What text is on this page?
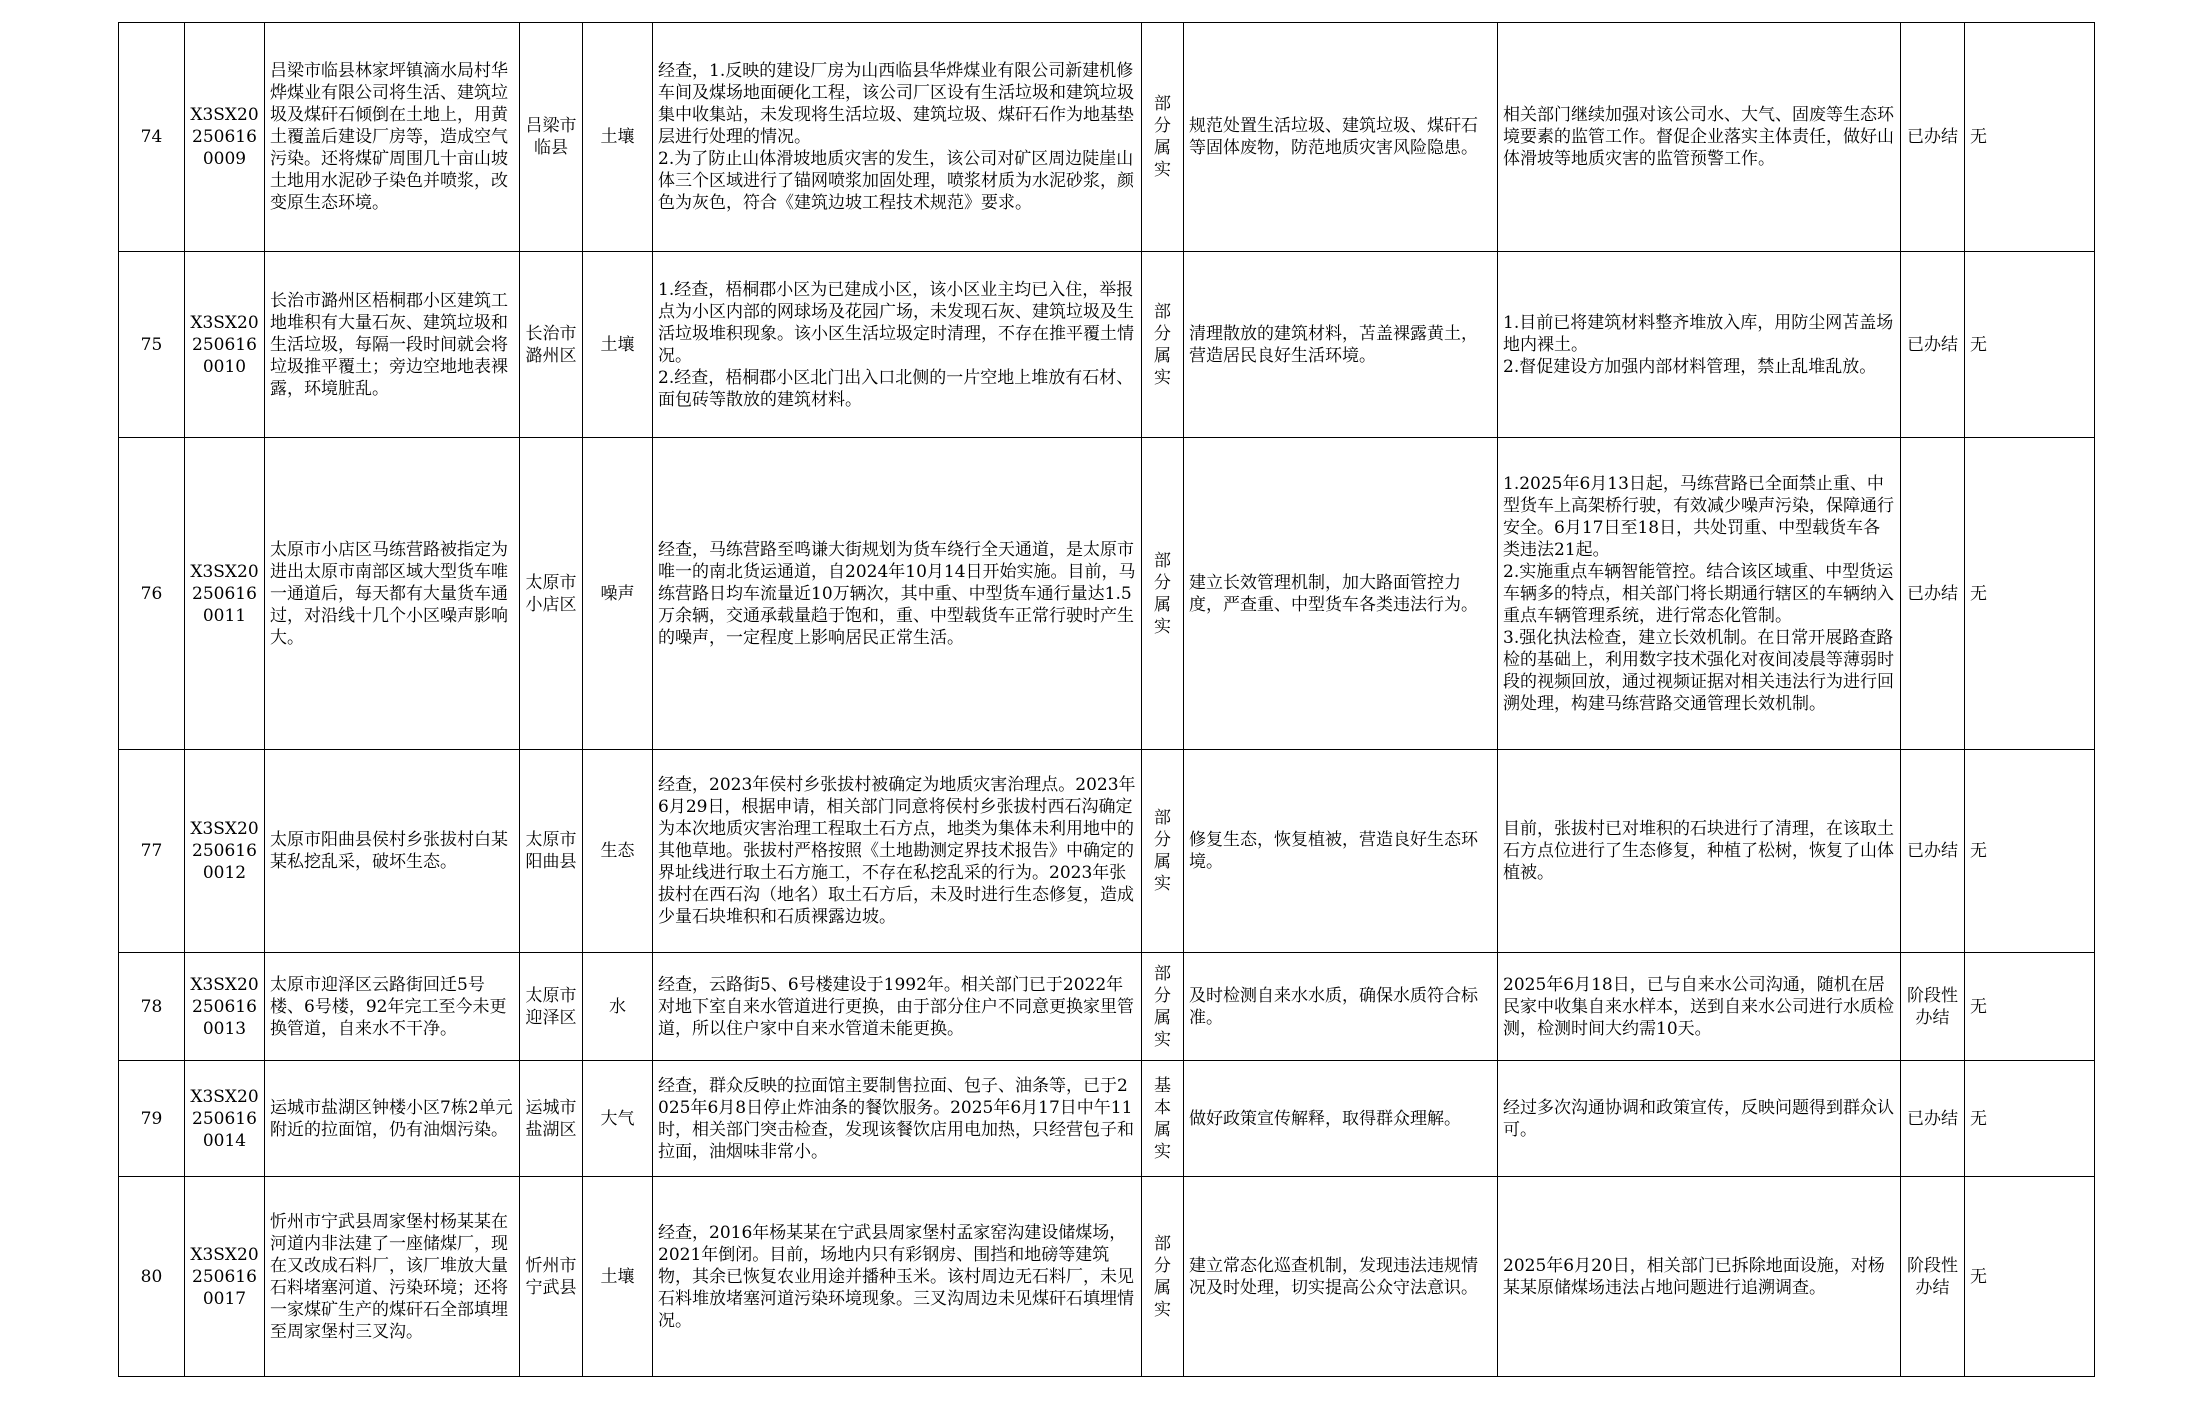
74	X3SX202506160009	吕梁市临县林家坪镇滴水局村华烨煤业有限公司将生活、建筑垃圾及煤矸石倾倒在土地上，用黄土覆盖后建设厂房等，造成空气污染。还将煤矿周围几十亩山坡土地用水泥砂子染色并喷浆，改变原生态环境。	吕梁市临县	土壤	经查，1.反映的建设厂房为山西临县华烨煤业有限公司新建机修车间及煤场地面硬化工程，该公司厂区设有生活垃圾和建筑垃圾集中收集站，未发现将生活垃圾、建筑垃圾、煤矸石作为地基垫层进行处理的情况。
2.为了防止山体滑坡地质灾害的发生，该公司对矿区周边陡崖山体三个区域进行了锚网喷浆加固处理，喷浆材质为水泥砂浆，颜色为灰色，符合《建筑边坡工程技术规范》要求。	部分属实	规范处置生活垃圾、建筑垃圾、煤矸石等固体废物，防范地质灾害风险隐患。	相关部门继续加强对该公司水、大气、固废等生态环境要素的监管工作。督促企业落实主体责任，做好山体滑坡等地质灾害的监管预警工作。	已办结	无
75	X3SX202506160010	长治市潞州区梧桐郡小区建筑工地堆积有大量石灰、建筑垃圾和生活垃圾，每隔一段时间就会将垃圾推平覆土；旁边空地地表裸露，环境脏乱。	长治市潞州区	土壤	1.经查，梧桐郡小区为已建成小区，该小区业主均已入住，举报点为小区内部的网球场及花园广场，未发现石灰、建筑垃圾及生活垃圾堆积现象。该小区生活垃圾定时清理，不存在推平覆土情况。
2.经查，梧桐郡小区北门出入口北侧的一片空地上堆放有石材、面包砖等散放的建筑材料。	部分属实	清理散放的建筑材料，苫盖裸露黄土，营造居民良好生活环境。	1.目前已将建筑材料整齐堆放入库，用防尘网苫盖场地内裸土。
2.督促建设方加强内部材料管理，禁止乱堆乱放。	已办结	无
76	X3SX202506160011	太原市小店区马练营路被指定为进出太原市南部区域大型货车唯一通道后，每天都有大量货车通过，对沿线十几个小区噪声影响大。	太原市小店区	噪声	经查，马练营路至鸣谦大街规划为货车绕行全天通道，是太原市唯一的南北货运通道，自2024年10月14日开始实施。目前，马练营路日均车流量近10万辆次，其中重、中型货车通行量达1.5万余辆，交通承载量趋于饱和，重、中型载货车正常行驶时产生的噪声，一定程度上影响居民正常生活。	部分属实	建立长效管理机制，加大路面管控力度，严查重、中型货车各类违法行为。	1.2025年6月13日起，马练营路已全面禁止重、中型货车上高架桥行驶，有效减少噪声污染，保障通行安全。6月17日至18日，共处罚重、中型载货车各类违法21起。
2.实施重点车辆智能管控。结合该区域重、中型货运车辆多的特点，相关部门将长期通行辖区的车辆纳入重点车辆管理系统，进行常态化管制。
3.强化执法检查，建立长效机制。在日常开展路查路检的基础上，利用数字技术强化对夜间凌晨等薄弱时段的视频回放，通过视频证据对相关违法行为进行回溯处理，构建马练营路交通管理长效机制。	已办结	无
77	X3SX202506160012	太原市阳曲县侯村乡张拔村白某某私挖乱采，破坏生态。	太原市阳曲县	生态	经查，2023年侯村乡张拔村被确定为地质灾害治理点。2023年6月29日，根据申请，相关部门同意将侯村乡张拔村西石沟确定为本次地质灾害治理工程取土石方点，地类为集体未利用地中的其他草地。张拔村严格按照《土地勘测定界技术报告》中确定的界址线进行取土石方施工，不存在私挖乱采的行为。2023年张拔村在西石沟（地名）取土石方后，未及时进行生态修复，造成少量石块堆积和石质裸露边坡。	部分属实	修复生态，恢复植被，营造良好生态环境。	目前，张拔村已对堆积的石块进行了清理，在该取土石方点位进行了生态修复，种植了松树，恢复了山体植被。	已办结	无
78	X3SX202506160013	太原市迎泽区云路街回迁5号楼、6号楼，92年完工至今未更换管道，自来水不干净。	太原市迎泽区	水	经查，云路街5、6号楼建设于1992年。相关部门已于2022年对地下室自来水管道进行更换，由于部分住户不同意更换家里管道，所以住户家中自来水管道未能更换。	部分属实	及时检测自来水水质，确保水质符合标准。	2025年6月18日，已与自来水公司沟通，随机在居民家中收集自来水样本，送到自来水公司进行水质检测，检测时间大约需10天。	阶段性办结	无
79	X3SX202506160014	运城市盐湖区钟楼小区7栋2单元附近的拉面馆，仍有油烟污染。	运城市盐湖区	大气	经查，群众反映的拉面馆主要制售拉面、包子、油条等，已于2025年6月8日停止炸油条的餐饮服务。2025年6月17日中午11时，相关部门突击检查，发现该餐饮店用电加热，只经营包子和拉面，油烟味非常小。	基本属实	做好政策宣传解释，取得群众理解。	经过多次沟通协调和政策宣传，反映问题得到群众认可。	已办结	无
80	X3SX202506160017	忻州市宁武县周家堡村杨某某在河道内非法建了一座储煤厂，现在又改成石料厂，该厂堆放大量石料堵塞河道、污染环境；还将一家煤矿生产的煤矸石全部填埋至周家堡村三叉沟。	忻州市宁武县	土壤	经查，2016年杨某某在宁武县周家堡村孟家窑沟建设储煤场，2021年倒闭。目前，场地内只有彩钢房、围挡和地磅等建筑物，其余已恢复农业用途并播种玉米。该村周边无石料厂，未见石料堆放堵塞河道污染环境现象。三叉沟周边未见煤矸石填埋情况。	部分属实	建立常态化巡查机制，发现违法违规情况及时处理，切实提高公众守法意识。	2025年6月20日，相关部门已拆除地面设施，对杨某某原储煤场违法占地问题进行追溯调查。	阶段性办结	无
